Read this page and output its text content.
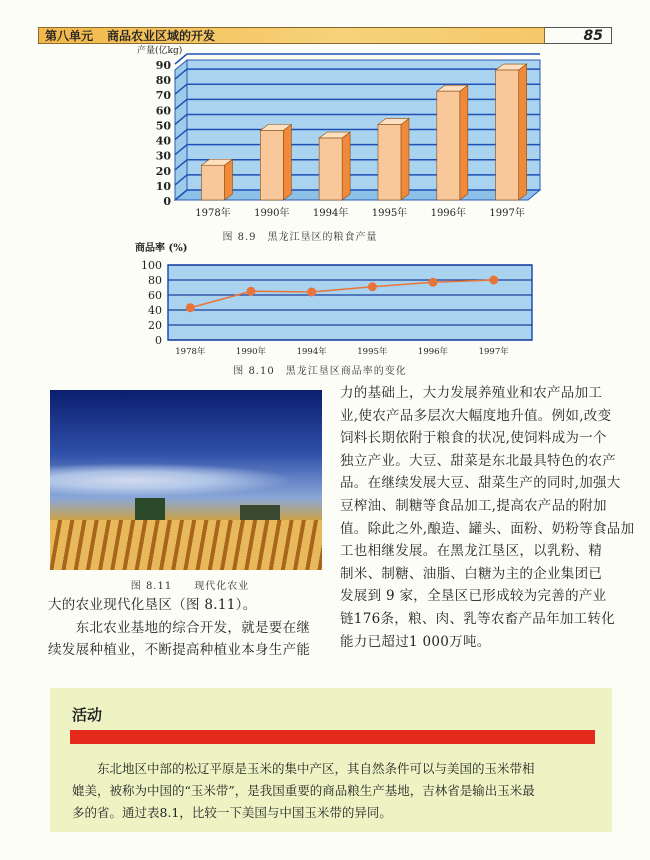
第八单元 商品农业区域的开发	85
0
10
20
30
40
50
60
70
80
90
产量(亿kg)
1978年 1990年 1994年 1995年 1996年 1997年
0
20
40
60
80
100
商品率 (%)
1978年	1990年	1994年	1995年	1996年	1997年
图 8.9　黑龙江垦区的粮食产量
图 8.10　黑龙江垦区商品率的变化
图 8.11　　现代化农业
大的农业现代化垦区（图 8.11）。
　　东北农业基地的综合开发，就是要在继
续发展种植业，不断提高种植业本身生产能
力的基础上，大力发展养殖业和农产品加工
业,使农产品多层次大幅度地升值。例如,改变
饲料长期依附于粮食的状况,使饲料成为一个
独立产业。大豆、甜菜是东北最具特色的农产
品。在继续发展大豆、甜菜生产的同时,加强大
豆榨油、制糖等食品加工,提高农产品的附加
值。除此之外,酿造、罐头、面粉、奶粉等食品加
工也相继发展。在黑龙江垦区，以乳粉、精
制米、制糖、油脂、白糖为主的企业集团已
发展到 9 家，全垦区已形成较为完善的产业
链176条，粮、肉、乳等农畜产品年加工转化
能力已超过1 000万吨。
活动
　　东北地区中部的松辽平原是玉米的集中产区，其自然条件可以与美国的玉米带相
媲美，被称为中国的“玉米带”，是我国重要的商品粮生产基地，吉林省是输出玉米最
多的省。通过表8.1，比较一下美国与中国玉米带的异同。
